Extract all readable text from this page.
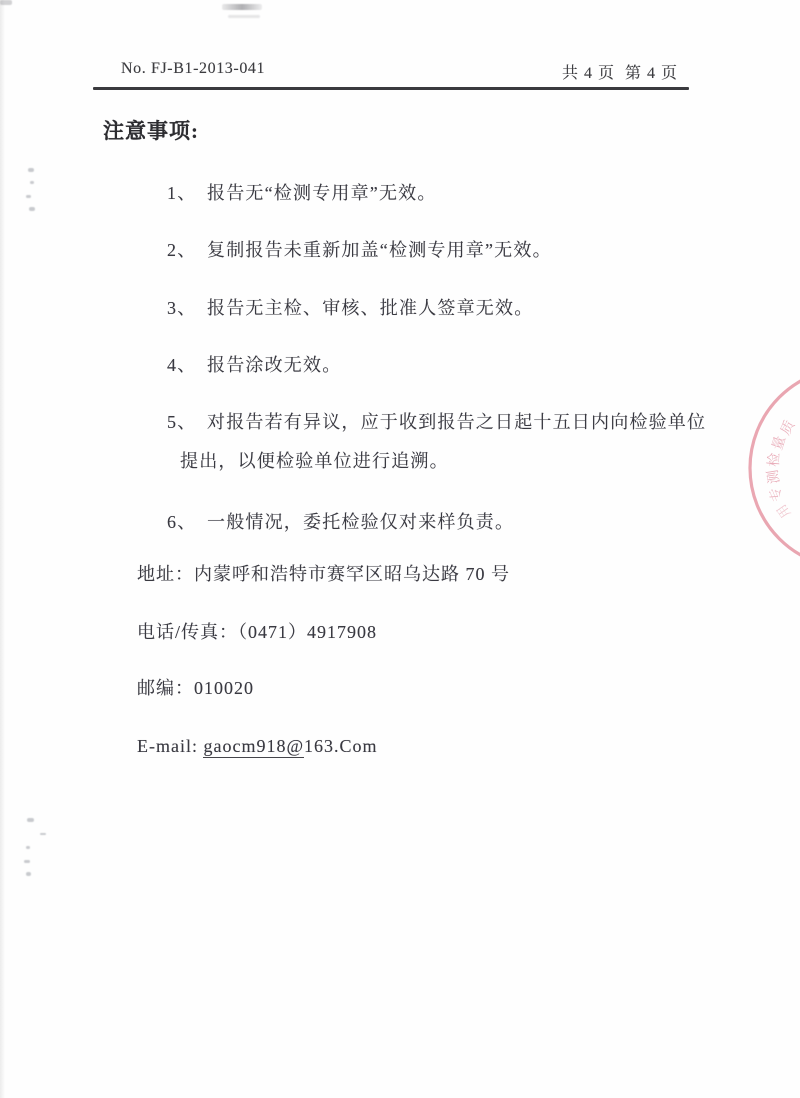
No. FJ-B1-2013-041	共 4 页  第 4 页
注意事项:
1、 报告无“检测专用章”无效。
2、 复制报告未重新加盖“检测专用章”无效。
3、 报告无主检、审核、批准人签章无效。
4、 报告涂改无效。
5、 对报告若有异议，应于收到报告之日起十五日内向检验单位
提出，以便检验单位进行追溯。
6、 一般情况，委托检验仅对来样负责。
地址：内蒙呼和浩特市赛罕区昭乌达路 70 号
电话/传真：（0471）4917908
邮编：010020
E-mail: gaocm918@163.Com
质
量
检
测
专
用
